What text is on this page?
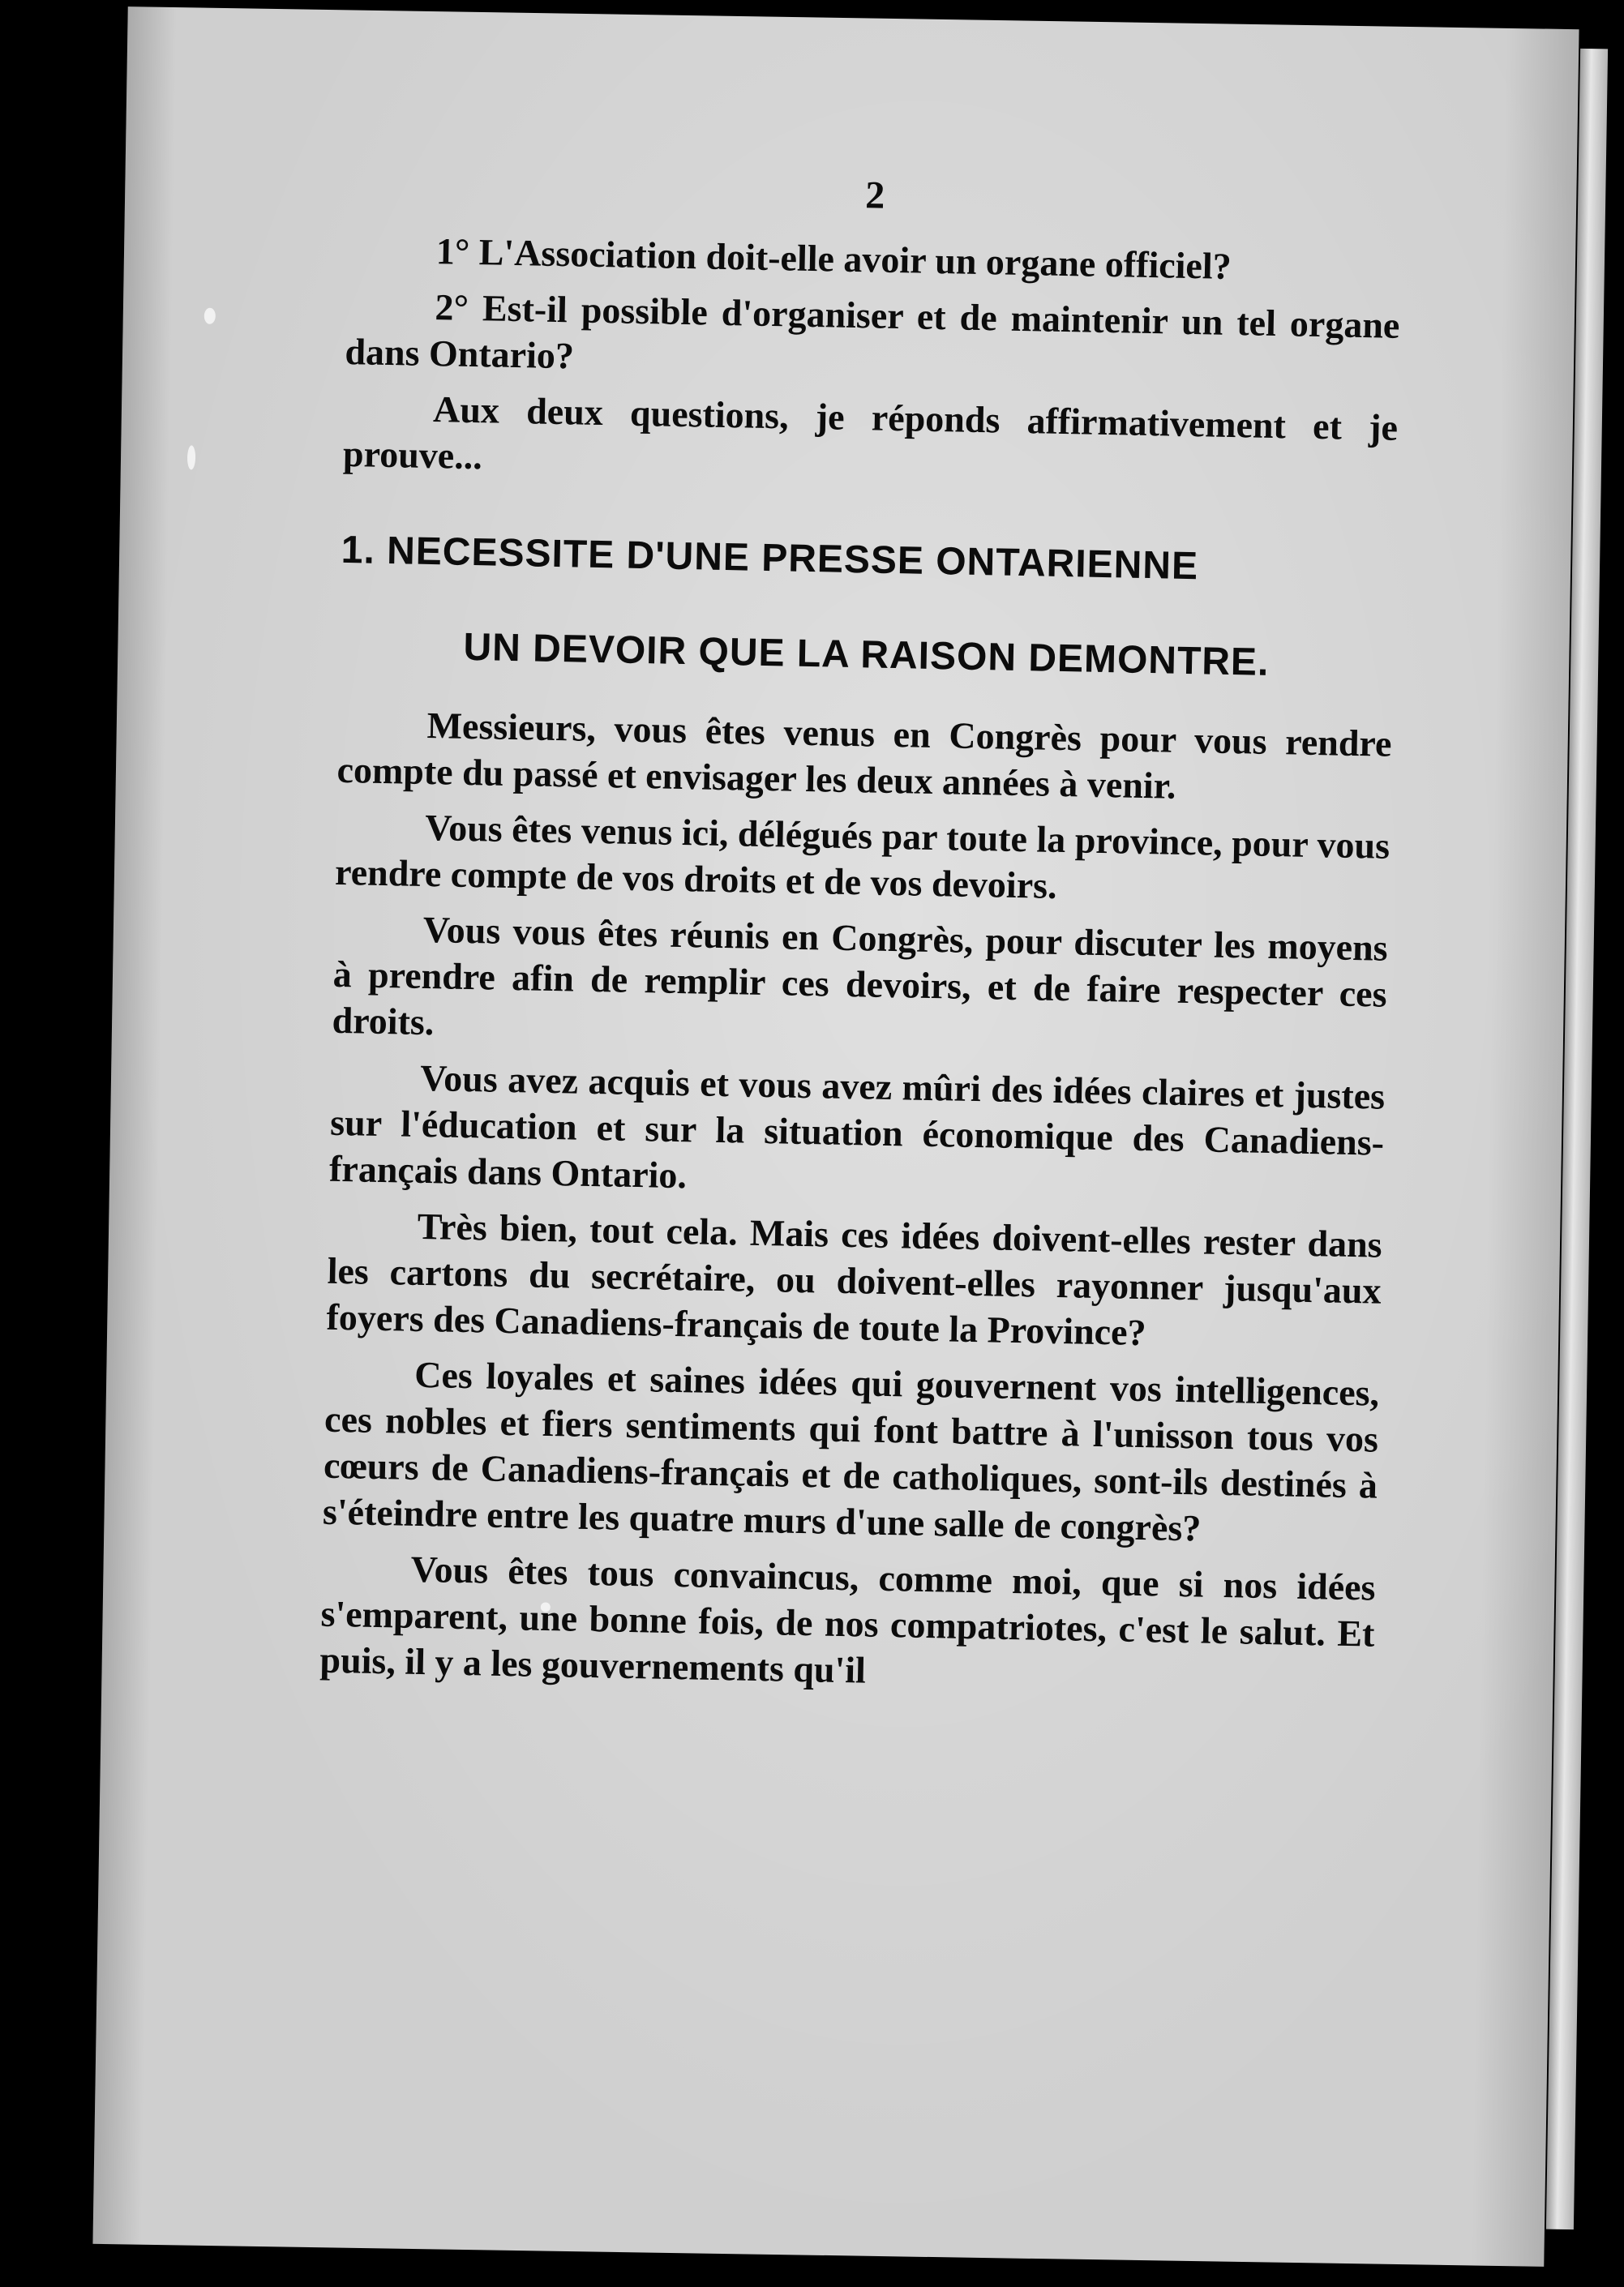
2

1° L'Association doit-elle avoir un organe officiel?

2° Est-il possible d'organiser et de maintenir un tel organe dans Ontario?

Aux deux questions, je réponds affirmativement et je prouve...

1. NECESSITE D'UNE PRESSE ONTARIENNE
UN DEVOIR QUE LA RAISON DEMONTRE.

Messieurs, vous êtes venus en Congrès pour vous rendre compte du passé et envisager les deux années à venir.

Vous êtes venus ici, délégués par toute la province, pour vous rendre compte de vos droits et de vos devoirs.

Vous vous êtes réunis en Congrès, pour discuter les moyens à prendre afin de remplir ces devoirs, et de faire respecter ces droits.

Vous avez acquis et vous avez mûri des idées claires et justes sur l'éducation et sur la situation économique des Canadiens-français dans Ontario.

Très bien, tout cela. Mais ces idées doivent-elles rester dans les cartons du secrétaire, ou doivent-elles rayonner jusqu'aux foyers des Canadiens-français de toute la Province?

Ces loyales et saines idées qui gouvernent vos intelligences, ces nobles et fiers sentiments qui font battre à l'unisson tous vos cœurs de Canadiens-français et de catholiques, sont-ils destinés à s'éteindre entre les quatre murs d'une salle de congrès?

Vous êtes tous convaincus, comme moi, que si nos idées s'emparent, une bonne fois, de nos compatriotes, c'est le salut. Et puis, il y a les gouvernements qu'il
